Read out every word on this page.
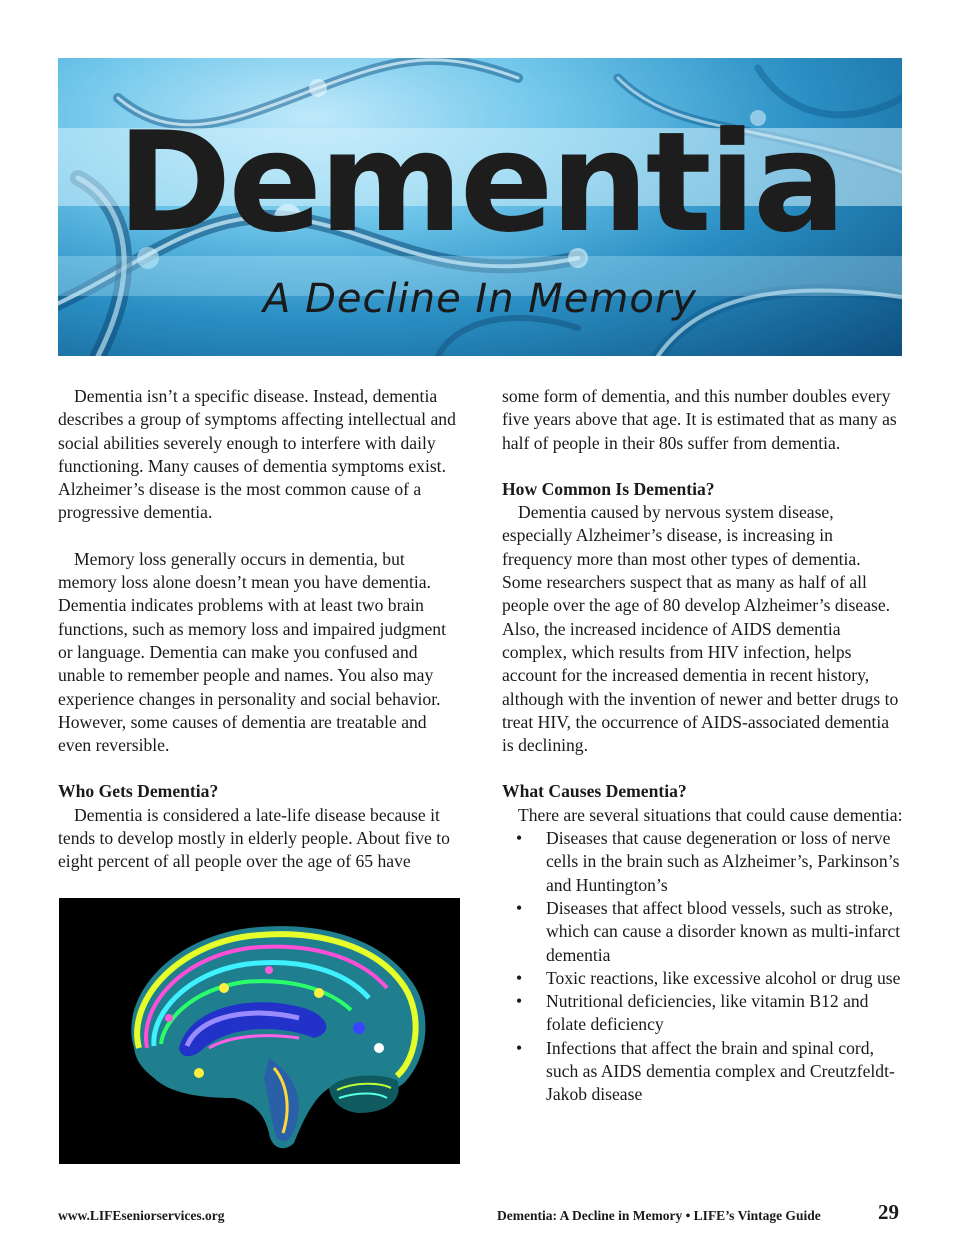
Dementia
A Decline In Memory

Dementia isn’t a specific disease. Instead, dementia describes a group of symptoms affecting intellectual and social abilities severely enough to interfere with daily functioning. Many causes of dementia symptoms exist. Alzheimer’s disease is the most common cause of a progressive dementia.

Memory loss generally occurs in dementia, but memory loss alone doesn’t mean you have dementia. Dementia indicates problems with at least two brain functions, such as memory loss and impaired judgment or language. Dementia can make you confused and unable to remember people and names. You also may experience changes in personality and social behavior. However, some causes of dementia are treatable and even reversible.

Who Gets Dementia?

Dementia is considered a late-life disease because it tends to develop mostly in elderly people. About five to eight percent of all people over the age of 65 have

some form of dementia, and this number doubles every five years above that age. It is estimated that as many as half of people in their 80s suffer from dementia.

How Common Is Dementia?

Dementia caused by nervous system disease, especially Alzheimer’s disease, is increasing in frequency more than most other types of dementia. Some researchers suspect that as many as half of all people over the age of 80 develop Alzheimer’s disease. Also, the increased incidence of AIDS dementia complex, which results from HIV infection, helps account for the increased dementia in recent history, although with the invention of newer and better drugs to treat HIV, the occurrence of AIDS-associated dementia is declining.

What Causes Dementia?

There are several situations that could cause dementia:

• Diseases that cause degeneration or loss of nerve cells in the brain such as Alzheimer’s, Parkinson’s and Huntington’s
• Diseases that affect blood vessels, such as stroke, which can cause a disorder known as multi-infarct dementia
• Toxic reactions, like excessive alcohol or drug use
• Nutritional deficiencies, like vitamin B12 and folate deficiency
• Infections that affect the brain and spinal cord, such as AIDS dementia complex and Creutzfeldt-Jakob disease
www.LIFEseniorservices.org	Dementia: A Decline in Memory • LIFE’s Vintage Guide	29
